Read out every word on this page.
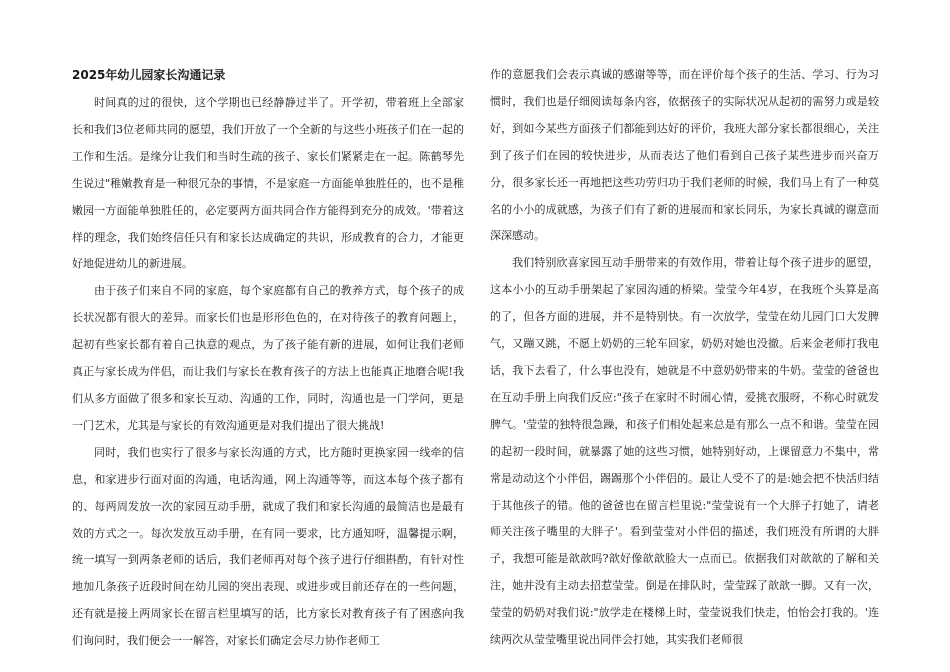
2025年幼儿园家长沟通记录

时间真的过的很快，这个学期也已经静静过半了。开学初，带着班上全部家长和我们3位老师共同的愿望，我们开放了一个全新的与这些小班孩子们在一起的工作和生活。是缘分让我们和当时生疏的孩子、家长们紧紧走在一起。陈鹤琴先生说过"稚嫩教育是一种很冗杂的事情，不是家庭一方面能单独胜任的，也不是稚嫩园一方面能单独胜任的，必定要两方面共同合作方能得到充分的成效。'带着这样的理念，我们始终信任只有和家长达成确定的共识，形成教育的合力，才能更好地促进幼儿的新进展。

由于孩子们来自不同的家庭，每个家庭都有自己的教养方式，每个孩子的成长状况都有很大的差异。而家长们也是形形色色的，在对待孩子的教育问题上，起初有些家长都有着自己执意的观点，为了孩子能有新的进展，如何让我们老师真正与家长成为伴侣，而让我们与家长在教育孩子的方法上也能真正地磨合呢!我们从多方面做了很多和家长互动、沟通的工作，同时，沟通也是一门学问，更是一门艺术，尤其是与家长的有效沟通更是对我们提出了很大挑战!

同时，我们也实行了很多与家长沟通的方式，比方随时更换家园一线牵的信息，和家进步行面对面的沟通，电话沟通，网上沟通等等，而这本每个孩子都有的、每两周发放一次的家园互动手册，就成了我们和家长沟通的最简洁也是最有效的方式之一。每次发放互动手册，在有同一要求，比方通知呀，温馨提示啊，统一填写一到两条老师的话后，我们老师再对每个孩子进行仔细斟酌，有针对性地加几条孩子近段时间在幼儿园的突出表现、或进步或目前还存在的一些问题，还有就是接上两周家长在留言栏里填写的话，比方家长对教育孩子有了困惑向我们询问时，我们便会一一解答，对家长们确定会尽力协作老师工

作的意愿我们会表示真诚的感谢等等，而在评价每个孩子的生活、学习、行为习惯时，我们也是仔细阅读每条内容，依据孩子的实际状况从起初的需努力或是较好，到如今某些方面孩子们都能到达好的评价，我班大部分家长都很细心，关注到了孩子们在园的较快进步，从而表达了他们看到自己孩子某些进步而兴奋万分，很多家长还一再地把这些功劳归功于我们老师的时候，我们马上有了一种莫名的小小的成就感，为孩子们有了新的进展而和家长同乐，为家长真诚的谢意而深深感动。

我们特别欣喜家园互动手册带来的有效作用，带着让每个孩子进步的愿望，这本小小的互动手册架起了家园沟通的桥梁。莹莹今年4岁，在我班个头算是高的了，但各方面的进展，并不是特别快。有一次放学，莹莹在幼儿园门口大发脾气，又蹦又跳，不愿上奶奶的三轮车回家，奶奶对她也没撤。后来金老师打我电话，我下去看了，什么事也没有，她就是不中意奶奶带来的牛奶。莹莹的爸爸也在互动手册上向我们反应:"孩子在家时不时闹心情，爱挑衣服呀，不称心时就发脾气。'莹莹的独特很急躁，和孩子们相处起来总是有那么一点不和谐。莹莹在园的起初一段时间，就暴露了她的这些习惯，她特别好动，上课留意力不集中，常常是动动这个小伴侣，踢踢那个小伴侣的。最让人受不了的是:她会把不快活归结于其他孩子的错。他的爸爸也在留言栏里说:"莹莹说有一个大胖子打她了，请老师关注孩子嘴里的大胖子'。看到莹莹对小伴侣的描述，我们班没有所谓的大胖子，我想可能是歆歆吗?歆好像歆歆脸大一点而已。依据我们对歆歆的了解和关注，她并没有主动去招惹莹莹。倒是在排队时，莹莹踩了歆歆一脚。又有一次，莹莹的奶奶对我们说:"放学走在楼梯上时，莹莹说我们快走，怕怡会打我的。'连续两次从莹莹嘴里说出同伴会打她，其实我们老师很
